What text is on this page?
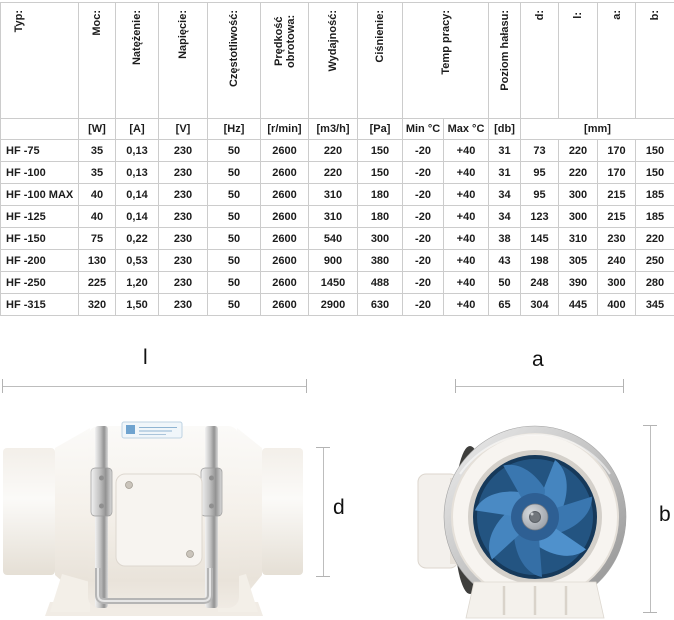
Typ:	Moc:	Natężenie:	Napięcie:	Częstotliwość:	Prędkość obrotowa:	Wydajność:	Ciśnienie:	Temp pracy:		Poziom hałasu:	d:	l:	a:	b:
	[W]	[A]	[V]	[Hz]	[r/min]	[m3/h]	[Pa]	Min °C	Max °C	[db]	[mm]			
HF -75	35	0,13	230	50	2600	220	150	-20	+40	31	73	220	170	150
HF -100	35	0,13	230	50	2600	220	150	-20	+40	31	95	220	170	150
HF -100 MAX	40	0,14	230	50	2600	310	180	-20	+40	34	95	300	215	185
HF -125	40	0,14	230	50	2600	310	180	-20	+40	34	123	300	215	185
HF -150	75	0,22	230	50	2600	540	300	-20	+40	38	145	310	230	220
HF -200	130	0,53	230	50	2600	900	380	-20	+40	43	198	305	240	250
HF -250	225	1,20	230	50	2600	1450	488	-20	+40	50	248	390	300	280
HF -315	320	1,50	230	50	2600	2900	630	-20	+40	65	304	445	400	345
l	a
d	b
